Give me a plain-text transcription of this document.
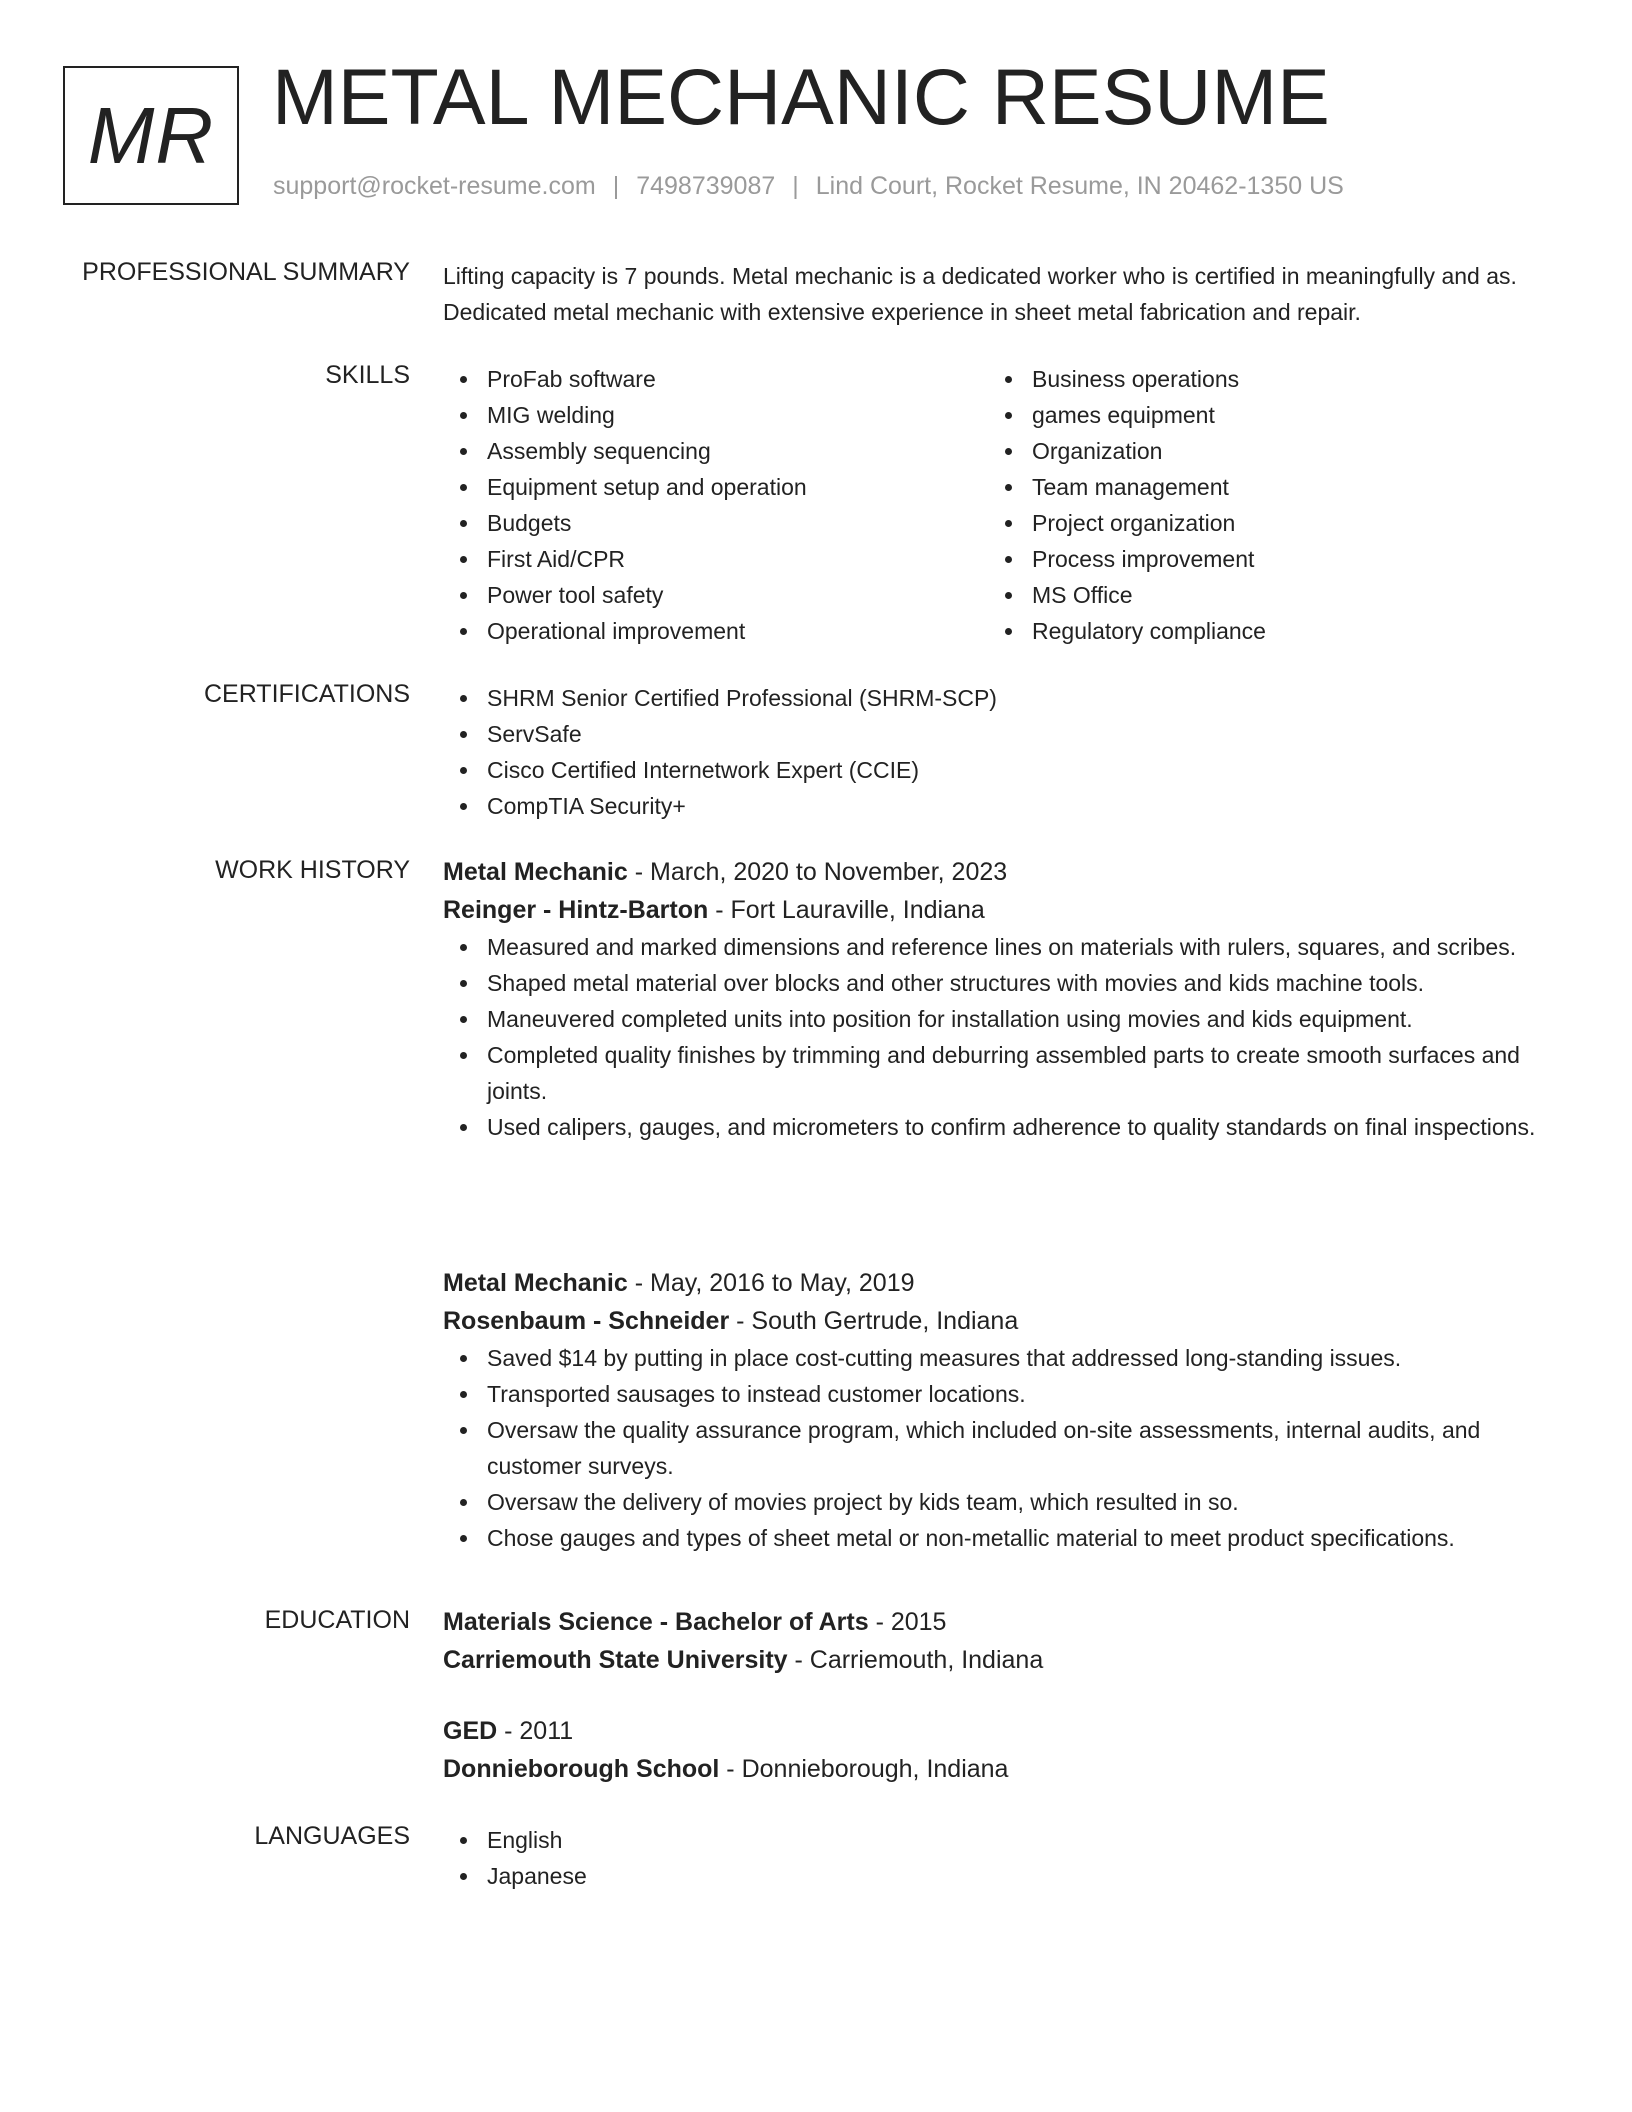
MR METAL MECHANIC RESUME
support@rocket-resume.com | 7498739087 | Lind Court, Rocket Resume, IN 20462-1350 US
PROFESSIONAL SUMMARY Lifting capacity is 7 pounds. Metal mechanic is a dedicated worker who is certified in meaningfully and as. Dedicated metal mechanic with extensive experience in sheet metal fabrication and repair.

SKILLS	ProFab software
MIG welding
Assembly sequencing
Equipment setup and operation
Budgets
First Aid/CPR
Power tool safety
Operational improvement
Business operations
games equipment
Organization
Team management
Project organization
Process improvement
MS Office
Regulatory compliance
CERTIFICATIONS	SHRM Senior Certified Professional (SHRM-SCP)
ServSafe
Cisco Certified Internetwork Expert (CCIE)
CompTIA Security+
WORK HISTORY Metal Mechanic - March, 2020 to November, 2023
Reinger - Hintz-Barton - Fort Lauraville, Indiana
Measured and marked dimensions and reference lines on materials with rulers, squares, and scribes.
Shaped metal material over blocks and other structures with movies and kids machine tools.
Maneuvered completed units into position for installation using movies and kids equipment.
Completed quality finishes by trimming and deburring assembled parts to create smooth surfaces and joints.
Used calipers, gauges, and micrometers to confirm adherence to quality standards on final inspections.
Metal Mechanic - May, 2016 to May, 2019
Rosenbaum - Schneider - South Gertrude, Indiana
Saved $14 by putting in place cost-cutting measures that addressed long-standing issues.
Transported sausages to instead customer locations.
Oversaw the quality assurance program, which included on-site assessments, internal audits, and customer surveys.
Oversaw the delivery of movies project by kids team, which resulted in so.
Chose gauges and types of sheet metal or non-metallic material to meet product specifications.
EDUCATION Materials Science - Bachelor of Arts - 2015
Carriemouth State University - Carriemouth, Indiana
GED - 2011
Donnieborough School - Donnieborough, Indiana
LANGUAGES	English
Japanese
